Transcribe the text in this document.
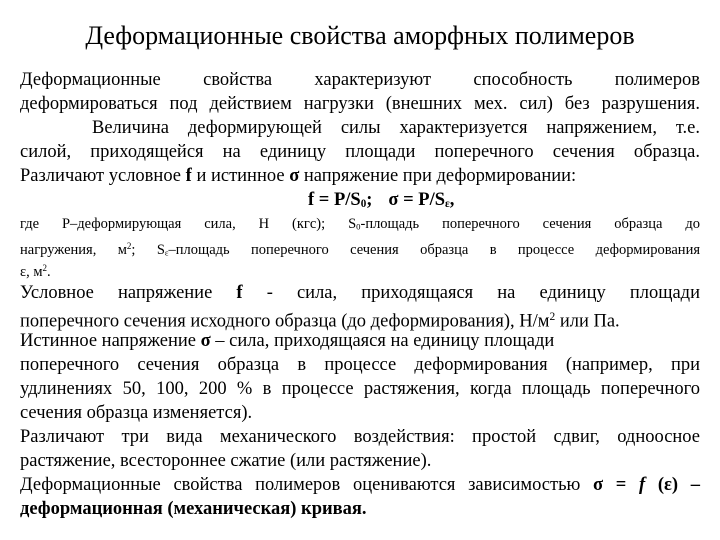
Деформационные свойства аморфных полимеров
Деформационные свойства характеризуют способность полимеров
деформироваться под действием нагрузки (внешних мех. сил) без разрушения.
Величина деформирующей силы характеризуется напряжением, т.е.
силой, приходящейся на единицу площади поперечного сечения образца.
Различают условное f и истинное σ напряжение при деформировании:
$f = P/S_0$; $\sigma = P/S_\varepsilon$,
где Р–деформирующая сила, Н (кгс); $S_0$-площадь поперечного сечения образца до
нагружения, $м^2$; $S_\varepsilon$–площадь поперечного сечения образца в процессе деформирования
ε, $м^2$.
Условное напряжение f - сила, приходящаяся на единицу площади
поперечного сечения исходного образца (до деформирования), $Н/м^2$ или Па.
Истинное напряжение σ – сила, приходящаяся на единицу площади
поперечного сечения образца в процессе деформирования (например, при
удлинениях 50, 100, 200 % в процессе растяжения, когда площадь поперечного
сечения образца изменяется).
Различают три вида механического воздействия: простой сдвиг, одноосное
растяжение, всестороннее сжатие (или растяжение).
Деформационные свойства полимеров оцениваются зависимостью σ = f (ε) –
деформационная (механическая) кривая.
